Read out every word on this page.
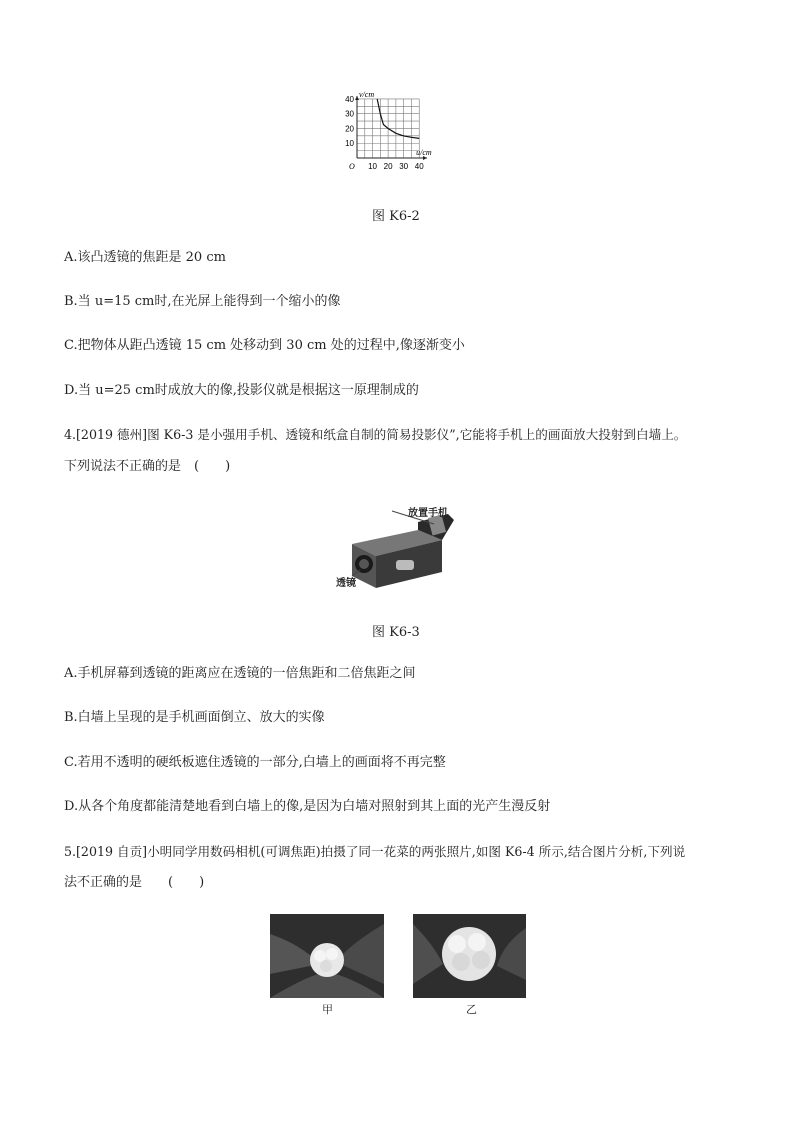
10 20 30 40
10
20
30
40
O
v/cm
u/cm
图 K6-2
A.该凸透镜的焦距是 20 cm
B.当 u=15 cm时,在光屏上能得到一个缩小的像
C.把物体从距凸透镜 15 cm 处移动到 30 cm 处的过程中,像逐渐变小
D.当 u=25 cm时成放大的像,投影仪就是根据这一原理制成的
4.[2019 德州]图 K6-3 是小强用手机、透镜和纸盒自制的简易投影仪”,它能将手机上的画面放大投射到白墙上。
下列说法不正确的是　(　　)
放置手机
透镜
图 K6-3
A.手机屏幕到透镜的距离应在透镜的一倍焦距和二倍焦距之间
B.白墙上呈现的是手机画面倒立、放大的实像
C.若用不透明的硬纸板遮住透镜的一部分,白墙上的画面将不再完整
D.从各个角度都能清楚地看到白墙上的像,是因为白墙对照射到其上面的光产生漫反射
5.[2019 自贡]小明同学用数码相机(可调焦距)拍摄了同一花菜的两张照片,如图 K6-4 所示,结合图片分析,下列说
法不正确的是　　(　　)
甲	乙
